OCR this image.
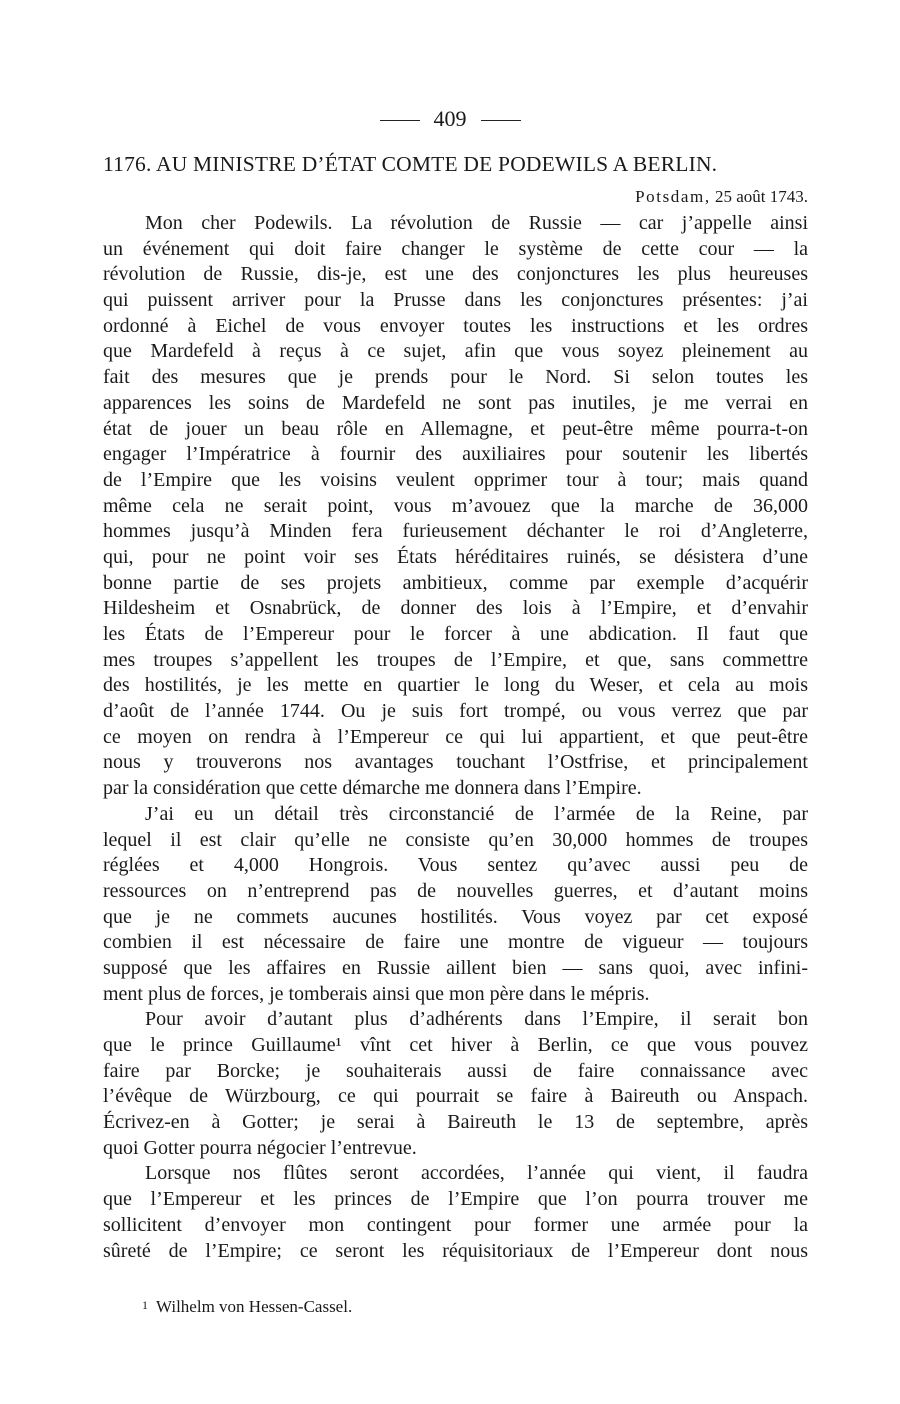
409
1176. AU MINISTRE D’ÉTAT COMTE DE PODEWILS A BERLIN.
Potsdam, 25 août 1743.
Mon cher Podewils. La révolution de Russie — car j’appelle ainsi
un événement qui doit faire changer le système de cette cour — la
révolution de Russie, dis-je, est une des conjonctures les plus heureuses
qui puissent arriver pour la Prusse dans les conjonctures présentes: j’ai
ordonné à Eichel de vous envoyer toutes les instructions et les ordres
que Mardefeld à reçus à ce sujet, afin que vous soyez pleinement au
fait des mesures que je prends pour le Nord. Si selon toutes les
apparences les soins de Mardefeld ne sont pas inutiles, je me verrai en
état de jouer un beau rôle en Allemagne, et peut-être même pourra-t-on
engager l’Impératrice à fournir des auxiliaires pour soutenir les libertés
de l’Empire que les voisins veulent opprimer tour à tour; mais quand
même cela ne serait point, vous m’avouez que la marche de 36,000
hommes jusqu’à Minden fera furieusement déchanter le roi d’Angleterre,
qui, pour ne point voir ses États héréditaires ruinés, se désistera d’une
bonne partie de ses projets ambitieux, comme par exemple d’acquérir
Hildesheim et Osnabrück, de donner des lois à l’Empire, et d’envahir
les États de l’Empereur pour le forcer à une abdication. Il faut que
mes troupes s’appellent les troupes de l’Empire, et que, sans commettre
des hostilités, je les mette en quartier le long du Weser, et cela au mois
d’août de l’année 1744. Ou je suis fort trompé, ou vous verrez que par
ce moyen on rendra à l’Empereur ce qui lui appartient, et que peut-être
nous y trouverons nos avantages touchant l’Ostfrise, et principalement
par la considération que cette démarche me donnera dans l’Empire.
J’ai eu un détail très circonstancié de l’armée de la Reine, par
lequel il est clair qu’elle ne consiste qu’en 30,000 hommes de troupes
réglées et 4,000 Hongrois. Vous sentez qu’avec aussi peu de
ressources on n’entreprend pas de nouvelles guerres, et d’autant moins
que je ne commets aucunes hostilités. Vous voyez par cet exposé
combien il est nécessaire de faire une montre de vigueur — toujours
supposé que les affaires en Russie aillent bien — sans quoi, avec infini-
ment plus de forces, je tomberais ainsi que mon père dans le mépris.
Pour avoir d’autant plus d’adhérents dans l’Empire, il serait bon
que le prince Guillaume¹ vînt cet hiver à Berlin, ce que vous pouvez
faire par Borcke; je souhaiterais aussi de faire connaissance avec
l’évêque de Würzbourg, ce qui pourrait se faire à Baireuth ou Anspach.
Écrivez-en à Gotter; je serai à Baireuth le 13 de septembre, après
quoi Gotter pourra négocier l’entrevue.
Lorsque nos flûtes seront accordées, l’année qui vient, il faudra
que l’Empereur et les princes de l’Empire que l’on pourra trouver me
sollicitent d’envoyer mon contingent pour former une armée pour la
sûreté de l’Empire; ce seront les réquisitoriaux de l’Empereur dont nous
1 Wilhelm von Hessen-Cassel.
